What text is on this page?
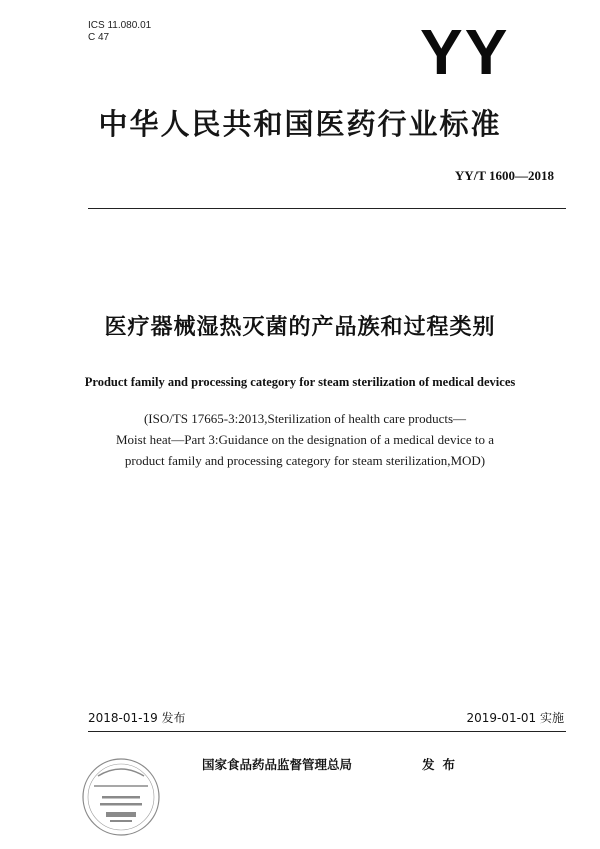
ICS 11.080.01
C 47	YY
中华人民共和国医药行业标准
YY/T 1600—2018
医疗器械湿热灭菌的产品族和过程类别
Product family and processing category for steam sterilization of medical devices
(ISO/TS 17665-3:2013,Sterilization of health care products—
Moist heat—Part 3:Guidance on the designation of a medical device to a
product family and processing category for steam sterilization,MOD)
2018-01-19 发布	2019-01-01 实施
国家食品药品监督管理总局	发布
